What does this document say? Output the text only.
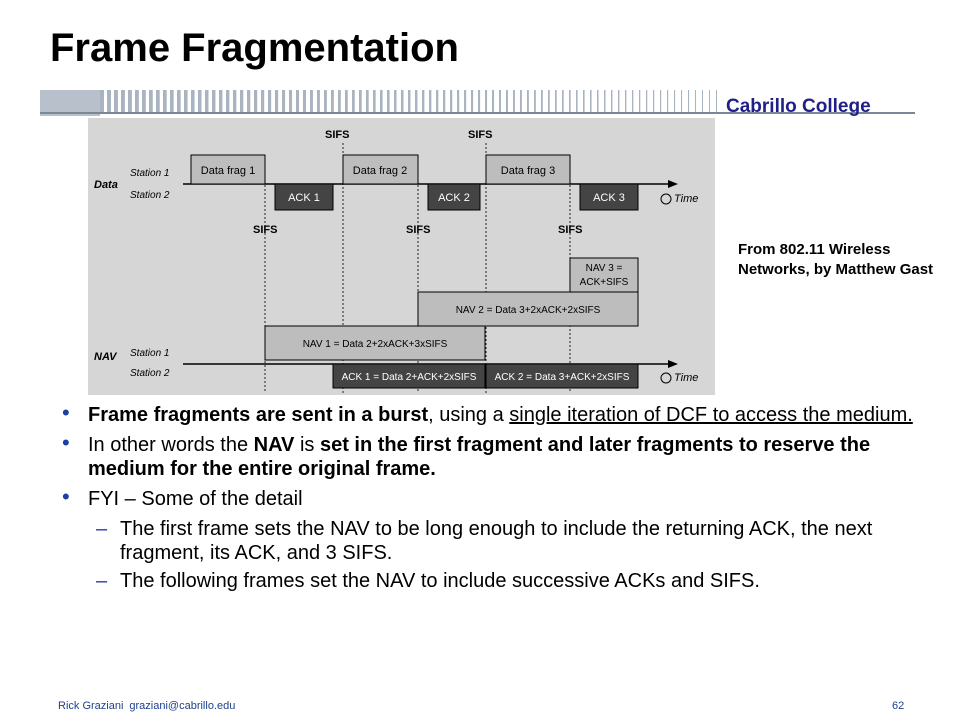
Frame Fragmentation
Cabrillo College
Data
Station 1
Station 2	Time
Data frag 1	Data frag 2	Data frag 3
ACK 1	ACK 2	ACK 3
SIFS	SIFS
SIFS	SIFS	SIFS
NAV 3 =
ACK+SIFS
NAV 2 = Data 3+2xACK+2xSIFS
NAV 1 = Data 2+2xACK+3xSIFS
NAV Station 1
Station 2	Time
ACK 1 = Data 2+ACK+2xSIFS ACK 2 = Data 3+ACK+2xSIFS
From 802.11 Wireless Networks, by Matthew Gast
• Frame fragments are sent in a burst, using a single iteration of DCF to access the medium.
• In other words the NAV is set in the first fragment and later fragments to reserve the medium for the entire original frame.
• FYI – Some of the detail
– The first frame sets the NAV to be long enough to include the returning ACK, the next fragment, its ACK, and 3 SIFS.
– The following frames set the NAV to include successive ACKs and SIFS.
Rick Graziani graziani@cabrillo.edu	62
